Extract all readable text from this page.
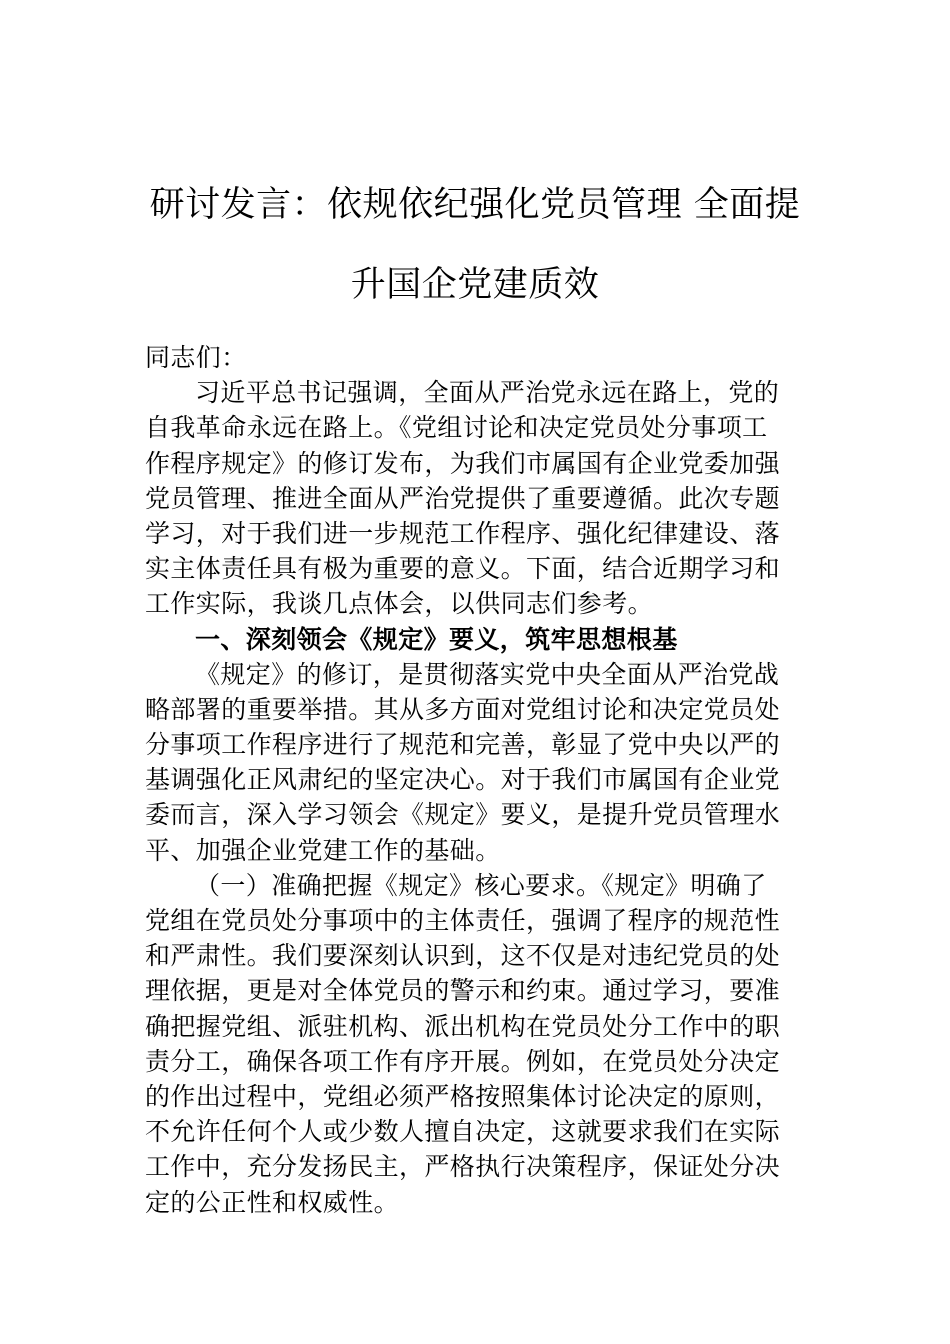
研讨发言：依规依纪强化党员管理 全面提
升国企党建质效
同志们：
习近平总书记强调，全面从严治党永远在路上，党的
自我革命永远在路上。《党组讨论和决定党员处分事项工
作程序规定》的修订发布，为我们市属国有企业党委加强
党员管理、推进全面从严治党提供了重要遵循。此次专题
学习，对于我们进一步规范工作程序、强化纪律建设、落
实主体责任具有极为重要的意义。下面，结合近期学习和
工作实际，我谈几点体会，以供同志们参考。
一、深刻领会《规定》要义，筑牢思想根基
《规定》的修订，是贯彻落实党中央全面从严治党战
略部署的重要举措。其从多方面对党组讨论和决定党员处
分事项工作程序进行了规范和完善，彰显了党中央以严的
基调强化正风肃纪的坚定决心。对于我们市属国有企业党
委而言，深入学习领会《规定》要义，是提升党员管理水
平、加强企业党建工作的基础。
（一）准确把握《规定》核心要求。《规定》明确了
党组在党员处分事项中的主体责任，强调了程序的规范性
和严肃性。我们要深刻认识到，这不仅是对违纪党员的处
理依据，更是对全体党员的警示和约束。通过学习，要准
确把握党组、派驻机构、派出机构在党员处分工作中的职
责分工，确保各项工作有序开展。例如，在党员处分决定
的作出过程中，党组必须严格按照集体讨论决定的原则，
不允许任何个人或少数人擅自决定，这就要求我们在实际
工作中，充分发扬民主，严格执行决策程序，保证处分决
定的公正性和权威性。
